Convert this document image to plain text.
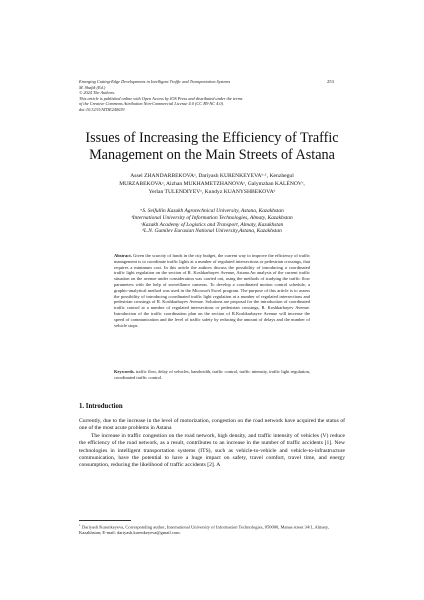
Emerging Cutting-Edge Developments in Intelligent Traffic and Transportation Systems
M. Shafik (Ed.)
© 2024 The Authors.
This article is published online with Open Access by IOS Press and distributed under the terms
of the Creative Commons Attribution Non-Commercial License 4.0 (CC BY-NC 4.0).
doi:10.3233/ATDE240039
253
Issues of Increasing the Efficiency of Traffic Management on the Main Streets of Astana
Assel ZHANDARBEKOVAᵃ, Dariyash KURENKEYEVAᵇ·¹, Kenzhegul
MURZABEKOVAᵃ, Aizhan MUKHAMETZHANOVAᵃ, Galymzhan KALĖNOVᶜ,
Yerlan TULENDIYEVᵃ, Kundyz KUANYSHBEKOVAᵈ
ᵃS. Seifullin Kazakh Agrotechnical University, Astana, Kazakhstan
ᵇInternational University of Information Technologies, Almaty, Kazakhstan
ᶜKazakh Academy of Logistics and Transport, Almaty, Kazakhstan
ᵈL.N. Gumilev Eurasian National University,Astana, Kazakhstan
Abstract. Given the scarcity of funds in the city budget, the current way to improve the efficiency of traffic management is to coordinate traffic lights at a number of regulated intersections or pedestrian crossings, that requires a minimum cost. In this article the authors discuss the possibility of introducing a coordinated traffic light regulation on the section of R. Koshkarbayev Avenue, Astana.An analysis of the current traffic situation on the avenue under consideration was carried out, using the methods of studying the traffic flow parameters with the help of surveillance cameras. To develop a coordinated motion control schedule, a graphic-analytical method was used in the Microsoft Excel program. The purpose of this article is to assess the possibility of introducing coordinated traffic light regulation at a number of regulated intersections and pedestrian crossings of R. Koshkarbayev Avenue. Solutions are proposal for the introduction of coordinated traffic control at a number of regulated intersections or pedestrian crossings, R. Koshkarbayev Avenue. Introduction of the traffic coordination plan on the section of R.Koshkarbayev Avenue will increase the speed of communication and the level of traffic safety by reducing the amount of delays and the number of vehicle stops.
Keywords. traffic flow, delay of vehicles, bandwidth, traffic control, traffic intensity, traffic light regulation, coordinated traffic control.
1. Introduction

Currently, due to the increase in the level of motorization, congestion on the road network have acquired the status of one of the most acute problems in Astana

The increase in traffic congestion on the road network, high density, and traffic intensity of vehicles (V) reduce the efficiency of the road network, as a result, contributes to an increase in the number of traffic accidents [1]. New technologies in intelligent transportation systems (ITS), such as vehicle-to-vehicle and vehicle-to-infrastructure communication, have the potential to have a huge impact on safety, travel comfort, travel time, and energy consumption, reducing the likelihood of traffic accidents [2]. A

$^1$ Dariyash Kurenkeyeva, Corresponding author, International University of Information Technologies, 050000, Manas street 34/1, Almaty, Kazakhstan; E-mail: dariyash.kurenkeyeva@gmail.com.
